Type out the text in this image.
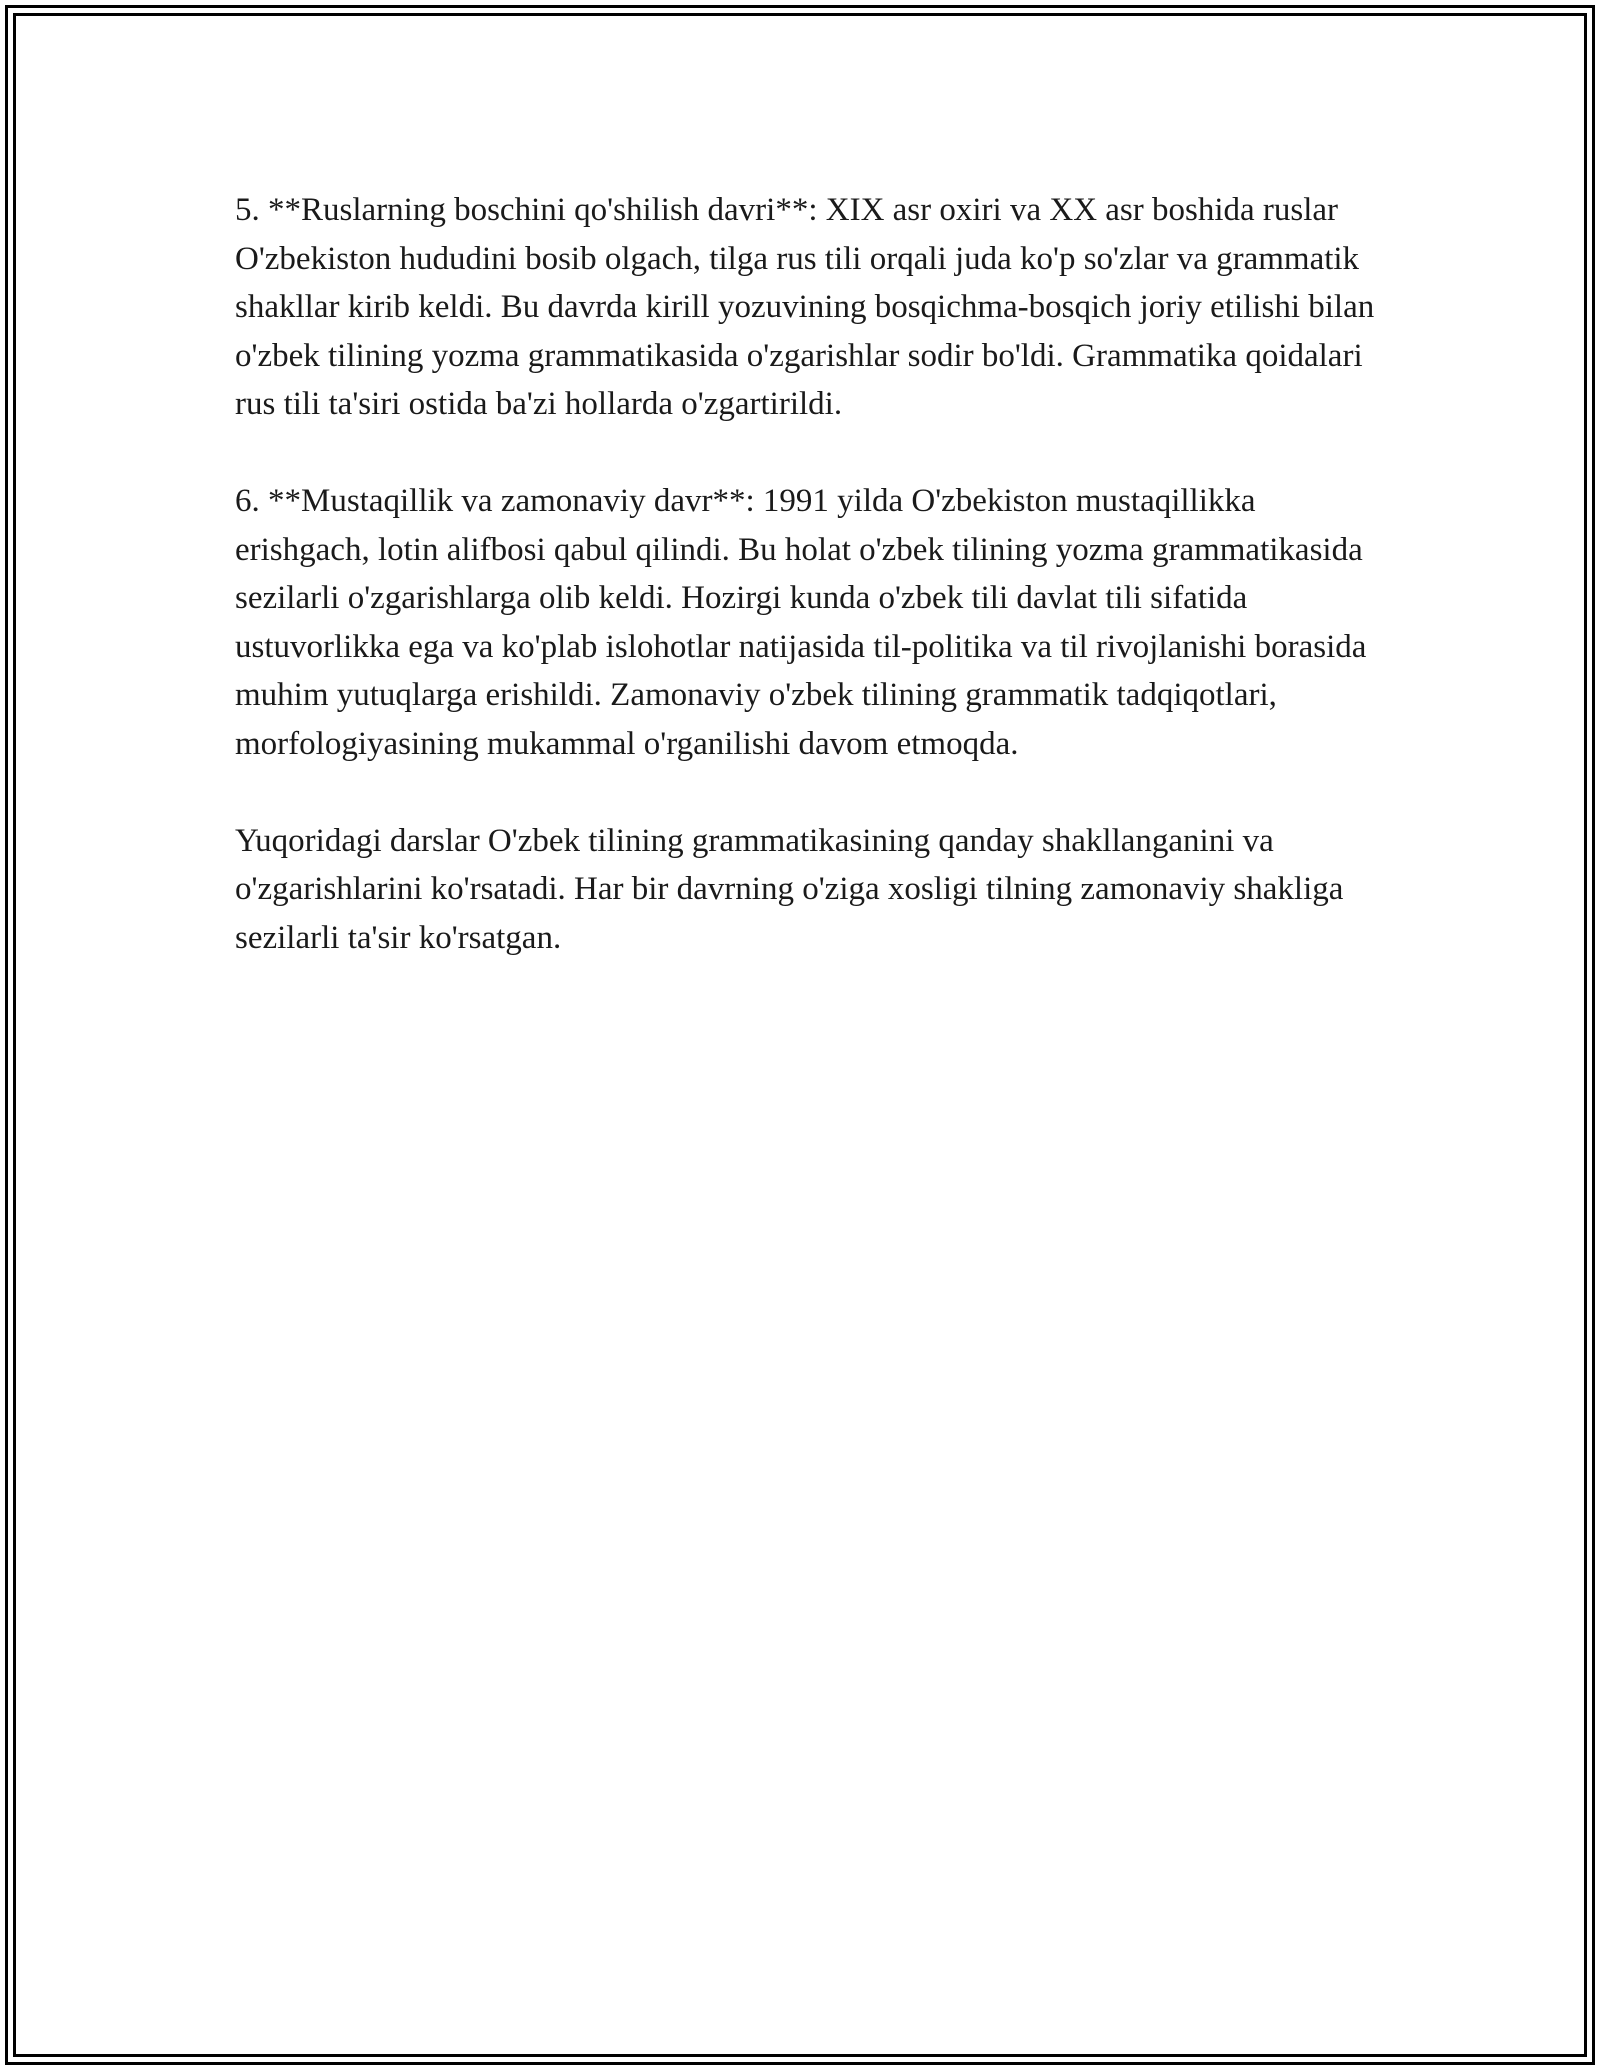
5. **Ruslarning boschini qo'shilish davri**: XIX asr oxiri va XX asr boshida ruslar O'zbekiston hududini bosib olgach, tilga rus tili orqali juda ko'p so'zlar va grammatik shakllar kirib keldi. Bu davrda kirill yozuvining bosqichma-bosqich joriy etilishi bilan o'zbek tilining yozma grammatikasida o'zgarishlar sodir bo'ldi. Grammatika qoidalari rus tili ta'siri ostida ba'zi hollarda o'zgartirildi.

6. **Mustaqillik va zamonaviy davr**: 1991 yilda O'zbekiston mustaqillikka erishgach, lotin alifbosi qabul qilindi. Bu holat o'zbek tilining yozma grammatikasida sezilarli o'zgarishlarga olib keldi. Hozirgi kunda o'zbek tili davlat tili sifatida ustuvorlikka ega va ko'plab islohotlar natijasida til-politika va til rivojlanishi borasida muhim yutuqlarga erishildi. Zamonaviy o'zbek tilining grammatik tadqiqotlari, morfologiyasining mukammal o'rganilishi davom etmoqda.

Yuqoridagi darslar O'zbek tilining grammatikasining qanday shakllanganini va o'zgarishlarini ko'rsatadi. Har bir davrning o'ziga xosligi tilning zamonaviy shakliga sezilarli ta'sir ko'rsatgan.
